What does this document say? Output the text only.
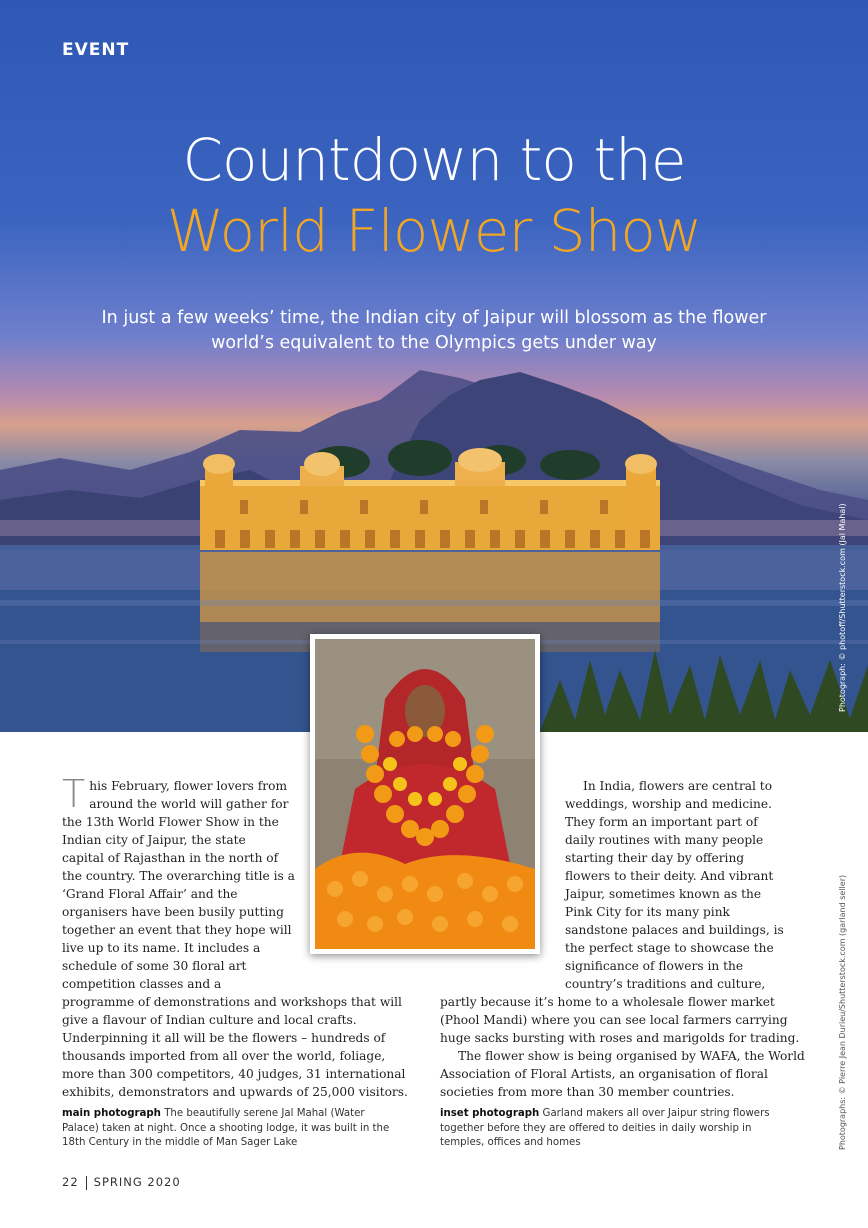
EVENT
Countdown to the
World Flower Show
In just a few weeks’ time, the Indian city of Jaipur will blossom as the flower world’s equivalent to the Olympics gets under way
Photograph: © photoff/Shutterstock.com (Jal Mahal)
Photographs: © Pierre Jean Durieu/Shutterstock.com (garland seller)
T his February, flower lovers from
around the world will gather for
the 13th World Flower Show in the
Indian city of Jaipur, the state
capital of Rajasthan in the north of
the country. The overarching title is a
‘Grand Floral Affair’ and the
organisers have been busily putting
together an event that they hope will
live up to its name. It includes a
schedule of some 30 floral art
competition classes and a
programme of demonstrations and workshops that will
give a flavour of Indian culture and local crafts.
Underpinning it all will be the flowers – hundreds of
thousands imported from all over the world, foliage,
more than 300 competitors, 40 judges, 31 international
exhibits, demonstrators and upwards of 25,000 visitors.
In India, flowers are central to
weddings, worship and medicine.
They form an important part of
daily routines with many people
starting their day by offering
flowers to their deity. And vibrant
Jaipur, sometimes known as the
Pink City for its many pink
sandstone palaces and buildings, is
the perfect stage to showcase the
significance of flowers in the
country’s traditions and culture,
partly because it’s home to a wholesale flower market
(Phool Mandi) where you can see local farmers carrying
huge sacks bursting with roses and marigolds for trading.
The flower show is being organised by WAFA, the World
Association of Floral Artists, an organisation of floral
societies from more than 30 member countries.

main photograph The beautifully serene Jal Mahal (Water Palace) taken at night. Once a shooting lodge, it was built in the 18th Century in the middle of Man Sager Lake

inset photograph Garland makers all over Jaipur string flowers together before they are offered to deities in daily worship in temples, offices and homes

22 SPRING 2020
